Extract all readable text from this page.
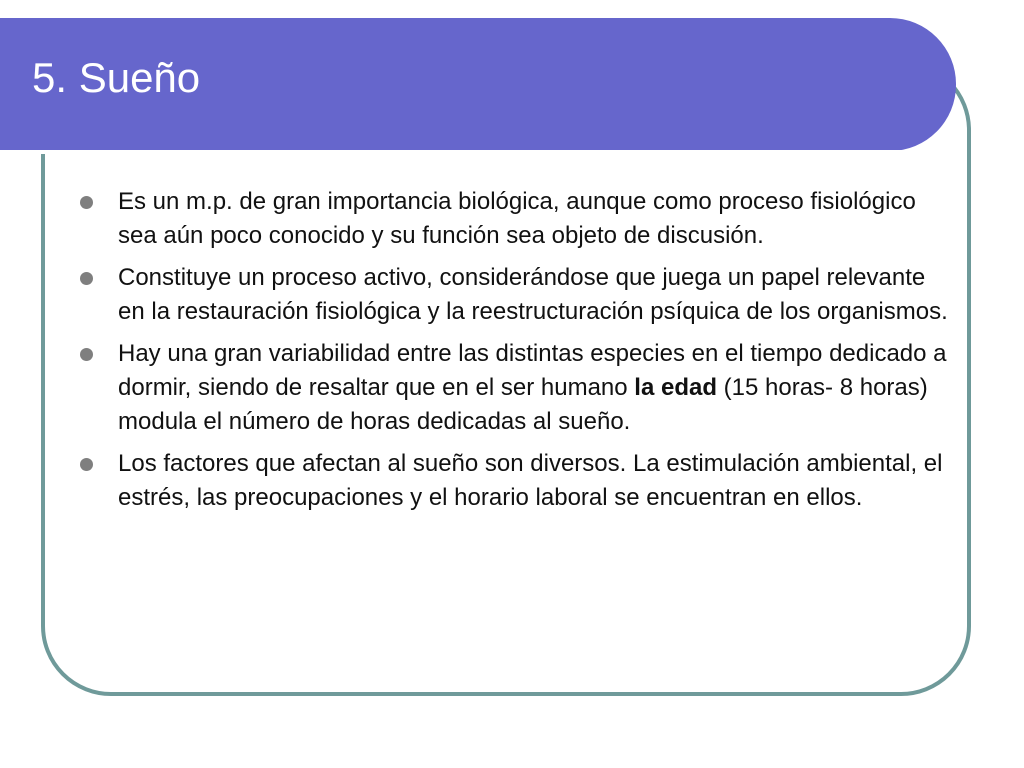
5. Sueño
Es un m.p. de gran importancia biológica, aunque como proceso fisiológico sea aún poco conocido y su función sea objeto de discusión.
Constituye un proceso activo, considerándose que juega un papel relevante en la restauración fisiológica y la reestructuración psíquica de los organismos.
Hay una gran variabilidad entre las distintas especies en el tiempo dedicado a dormir, siendo de resaltar que en el ser humano la edad (15 horas- 8 horas) modula el número de horas dedicadas al sueño.
Los factores que afectan al sueño son diversos. La estimulación ambiental, el estrés, las preocupaciones y el horario laboral se encuentran en ellos.
